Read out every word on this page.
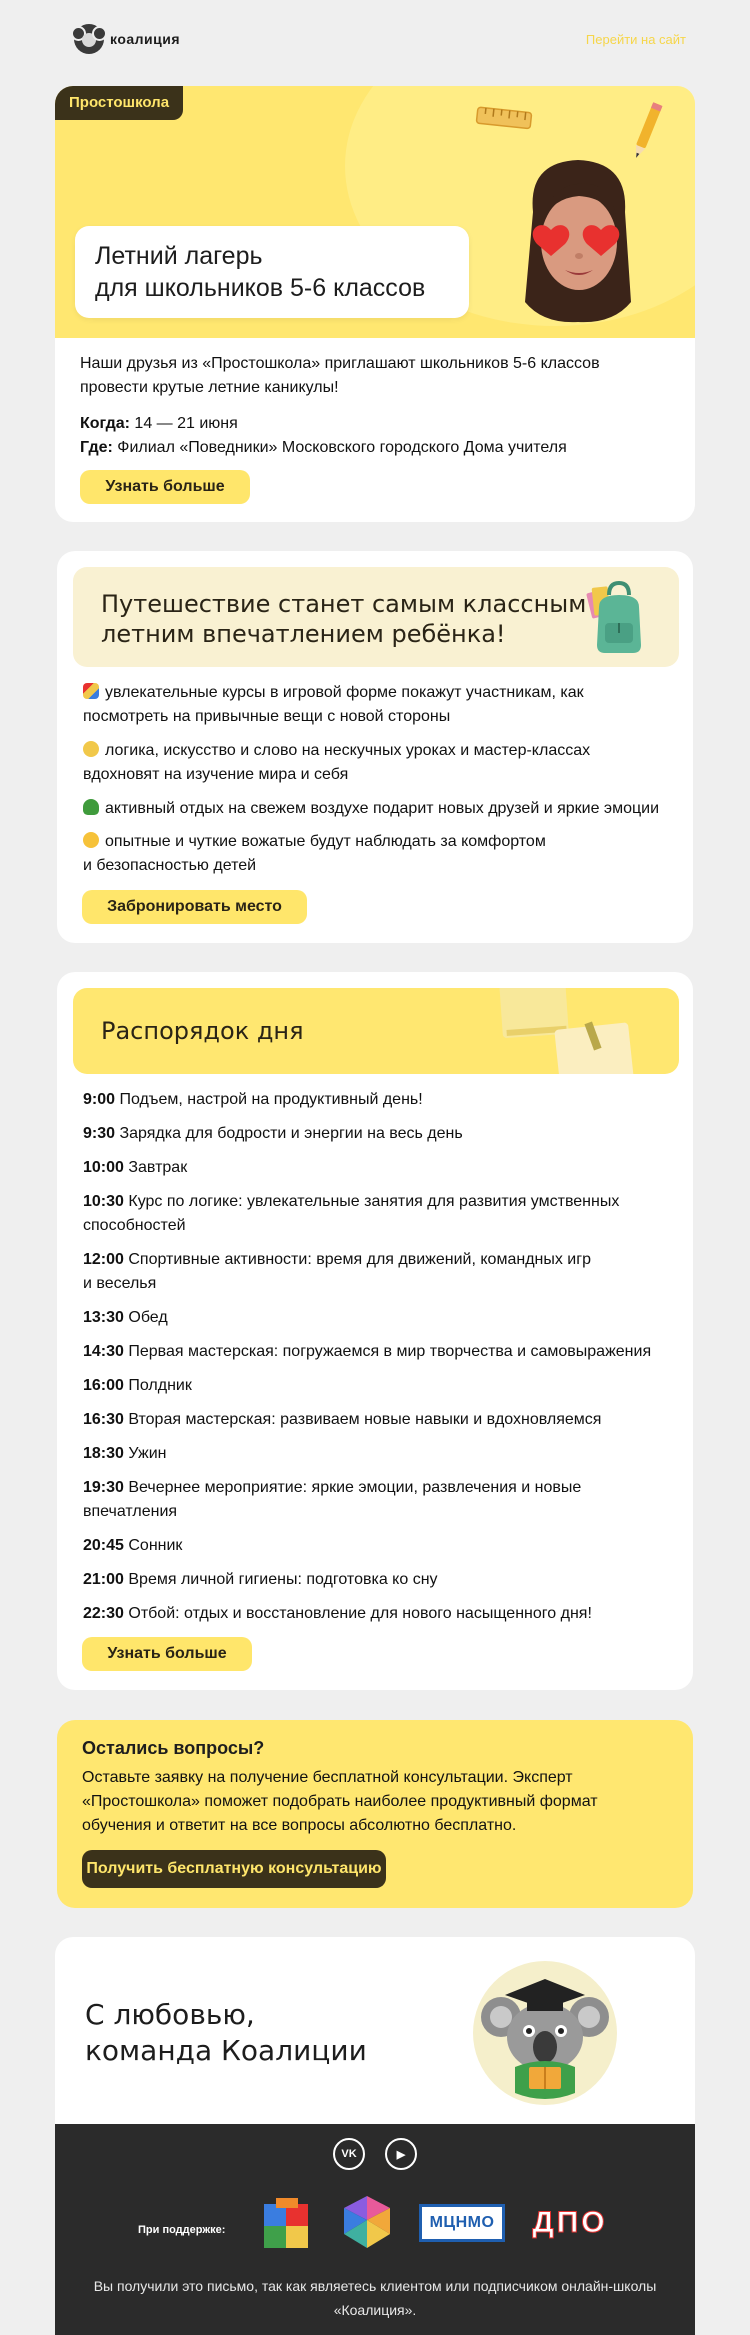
коалиция	Перейти на сайт
Простошкола
Летний лагерь
для школьников 5-6 классов
Наши друзья из «Простошкола» приглашают школьников 5-6 классов
провести крутые летние каникулы!
Когда: 14 — 21 июня
Где: Филиал «Поведники» Московского городского Дома учителя
Узнать больше
Путешествие станет самым классным
летним впечатлением ребёнка!
увлекательные курсы в игровой форме покажут участникам, как
посмотреть на привычные вещи с новой стороны
логика, искусство и слово на нескучных уроках и мастер-классах
вдохновят на изучение мира и себя
активный отдых на свежем воздухе подарит новых друзей и яркие эмоции
опытные и чуткие вожатые будут наблюдать за комфортом
и безопасностью детей
Забронировать место
Распорядок дня
9:00 Подъем, настрой на продуктивный день!
9:30 Зарядка для бодрости и энергии на весь день
10:00 Завтрак
10:30 Курс по логике: увлекательные занятия для развития умственных
способностей
12:00 Спортивные активности: время для движений, командных игр
и веселья
13:30 Обед
14:30 Первая мастерская: погружаемся в мир творчества и самовыражения
16:00 Полдник
16:30 Вторая мастерская: развиваем новые навыки и вдохновляемся
18:30 Ужин
19:30 Вечернее мероприятие: яркие эмоции, развлечения и новые
впечатления
20:45 Сонник
21:00 Время личной гигиены: подготовка ко сну
22:30 Отбой: отдых и восстановление для нового насыщенного дня!
Узнать больше
Остались вопросы?
Оставьте заявку на получение бесплатной консультации. Эксперт
«Простошкола» поможет подобрать наиболее продуктивный формат
обучения и ответит на все вопросы абсолютно бесплатно.
Получить бесплатную консультацию
С любовью,
команда Коалиции
VK	▶
При поддержке:	МЦНМО ДПО
Вы получили это письмо, так как являетесь клиентом или подписчиком онлайн-школы
«Коалиция».
